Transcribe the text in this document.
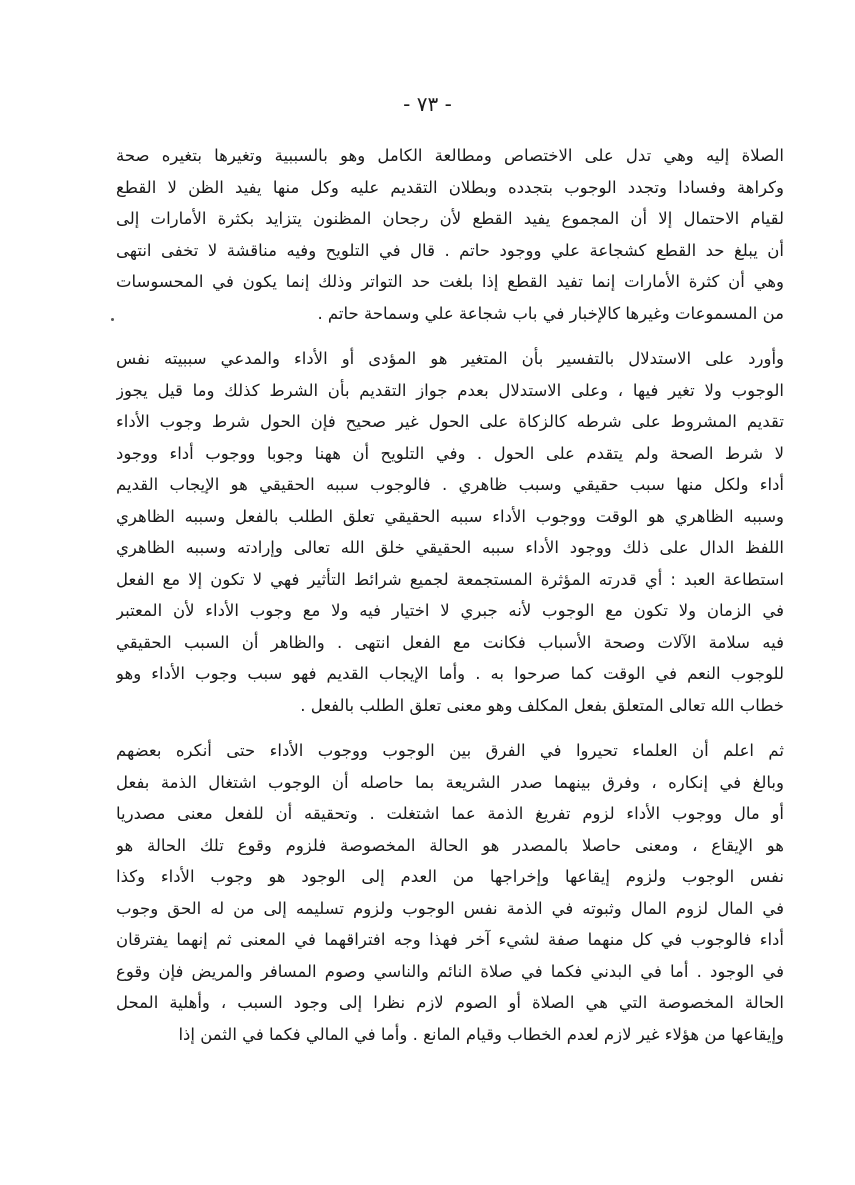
- ٧٣ -
الصلاة إليه وهي تدل على الاختصاص ومطالعة الكامل وهو بالسببية وتغيرها بتغيره صحة
وكراهة وفسادا وتجدد الوجوب بتجدده وبطلان التقديم عليه وكل منها يفيد الظن لا القطع
لقيام الاحتمال إلا أن المجموع يفيد القطع لأن رجحان المظنون يتزايد بكثرة الأمارات إلى
أن يبلغ حد القطع كشجاعة علي ووجود حاتم . قال في التلويح وفيه مناقشة لا تخفى انتهى
وهي أن كثرة الأمارات إنما تفيد القطع إذا بلغت حد التواتر وذلك إنما يكون في المحسوسات
من المسموعات وغيرها كالإخبار في باب شجاعة علي وسماحة حاتم .
وأورد على الاستدلال بالتفسير بأن المتغير هو المؤدى أو الأداء والمدعي سببيته نفس
الوجوب ولا تغير فيها ، وعلى الاستدلال بعدم جواز التقديم بأن الشرط كذلك وما قيل يجوز
تقديم المشروط على شرطه كالزكاة على الحول غير صحيح فإن الحول شرط وجوب الأداء
لا شرط الصحة ولم يتقدم على الحول . وفي التلويح أن ههنا وجوبا ووجوب أداء ووجود
أداء ولكل منها سبب حقيقي وسبب ظاهري . فالوجوب سببه الحقيقي هو الإيجاب القديم
وسببه الظاهري هو الوقت ووجوب الأداء سببه الحقيقي تعلق الطلب بالفعل وسببه الظاهري
اللفظ الدال على ذلك ووجود الأداء سببه الحقيقي خلق الله تعالى وإرادته وسببه الظاهري
استطاعة العبد : أي قدرته المؤثرة المستجمعة لجميع شرائط التأثير فهي لا تكون إلا مع الفعل
في الزمان ولا تكون مع الوجوب لأنه جبري لا اختيار فيه ولا مع وجوب الأداء لأن المعتبر
فيه سلامة الآلات وصحة الأسباب فكانت مع الفعل انتهى . والظاهر أن السبب الحقيقي
للوجوب النعم في الوقت كما صرحوا به . وأما الإيجاب القديم فهو سبب وجوب الأداء وهو
خطاب الله تعالى المتعلق بفعل المكلف وهو معنى تعلق الطلب بالفعل .
ثم اعلم أن العلماء تحيروا في الفرق بين الوجوب ووجوب الأداء حتى أنكره بعضهم
وبالغ في إنكاره ، وفرق بينهما صدر الشريعة بما حاصله أن الوجوب اشتغال الذمة بفعل
أو مال ووجوب الأداء لزوم تفريغ الذمة عما اشتغلت . وتحقيقه أن للفعل معنى مصدريا
هو الإيقاع ، ومعنى حاصلا بالمصدر هو الحالة المخصوصة فلزوم وقوع تلك الحالة هو
نفس الوجوب ولزوم إيقاعها وإخراجها من العدم إلى الوجود هو وجوب الأداء وكذا
في المال لزوم المال وثبوته في الذمة نفس الوجوب ولزوم تسليمه إلى من له الحق وجوب
أداء فالوجوب في كل منهما صفة لشيء آخر فهذا وجه افتراقهما في المعنى ثم إنهما يفترقان
في الوجود . أما في البدني فكما في صلاة النائم والناسي وصوم المسافر والمريض فإن وقوع
الحالة المخصوصة التي هي الصلاة أو الصوم لازم نظرا إلى وجود السبب ، وأهلية المحل
وإيقاعها من هؤلاء غير لازم لعدم الخطاب وقيام المانع . وأما في المالي فكما في الثمن إذا
